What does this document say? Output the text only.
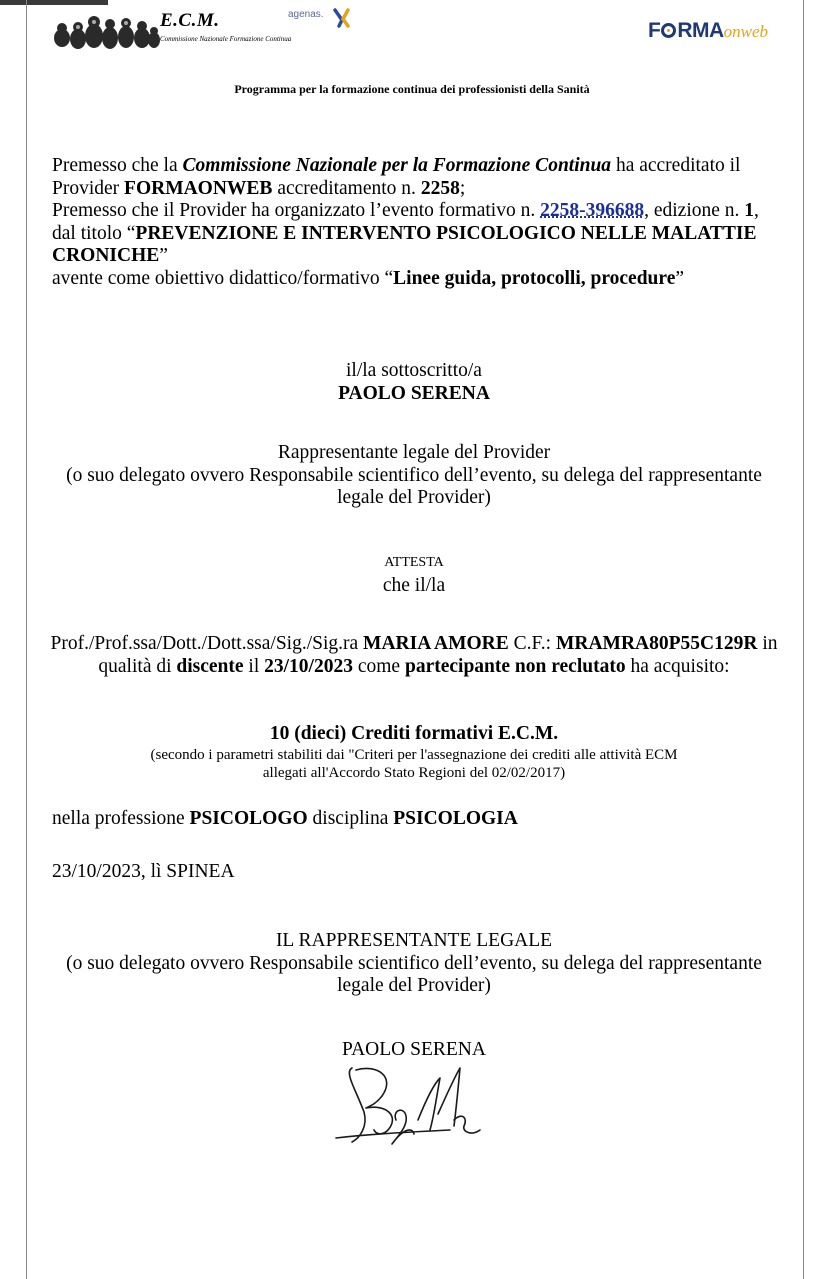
E.C.M.
Commissione Nazionale Formazione Continua
agenas.
F RMAonweb
Programma per la formazione continua dei professionisti della Sanità

Premesso che la Commissione Nazionale per la Formazione Continua ha accreditato il Provider FORMAONWEB accreditamento n. 2258;

Premesso che il Provider ha organizzato l’evento formativo n. 2258-396688, edizione n. 1, dal titolo “PREVENZIONE E INTERVENTO PSICOLOGICO NELLE MALATTIE CRONICHE”

avente come obiettivo didattico/formativo “Linee guida, protocolli, procedure”

il/la sottoscritto/a

PAOLO SERENA

Rappresentante legale del Provider

(o suo delegato ovvero Responsabile scientifico dell’evento, su delega del rappresentante legale del Provider)

ATTESTA

che il/la

Prof./Prof.ssa/Dott./Dott.ssa/Sig./Sig.ra MARIA AMORE C.F.: MRAMRA80P55C129R in qualità di discente il 23/10/2023 come partecipante non reclutato ha acquisito:

10 (dieci) Crediti formativi E.C.M.

(secondo i parametri stabiliti dai "Criteri per l'assegnazione dei crediti alle attività ECM allegati all'Accordo Stato Regioni del 02/02/2017)

nella professione PSICOLOGO disciplina PSICOLOGIA
23/10/2023, lì SPINEA

IL RAPPRESENTANTE LEGALE

(o suo delegato ovvero Responsabile scientifico dell’evento, su delega del rappresentante legale del Provider)

PAOLO SERENA
